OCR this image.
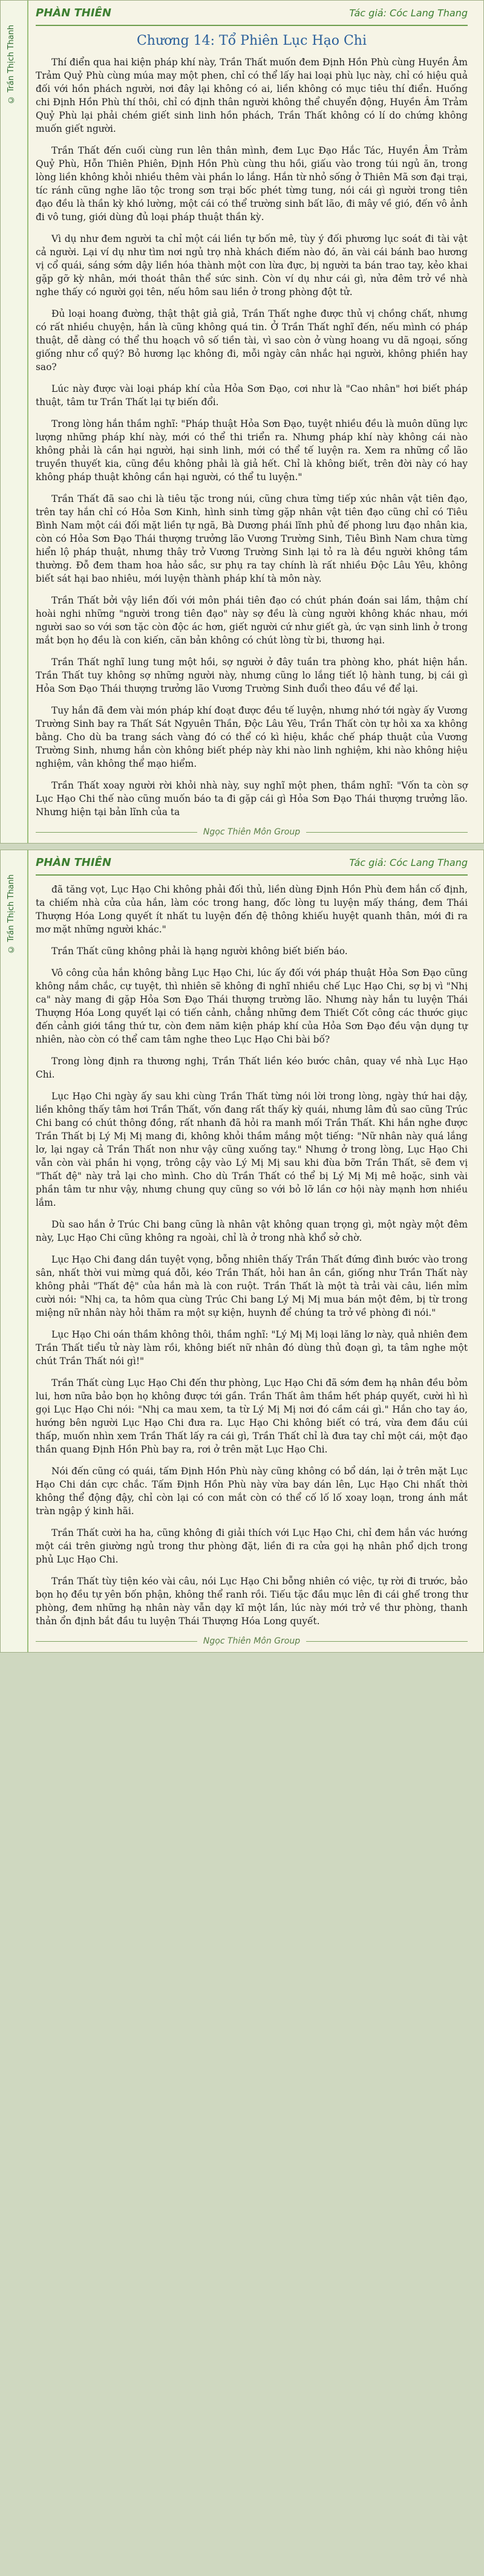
© Trần Thịch Thanh
PHÀN THIÊN	Tác giả: Cóc Lang Thang
Chương 14: Tổ Phiên Lục Hạo Chi

Thí điển qua hai kiện pháp khí này, Trần Thất muốn đem Định Hồn Phù cùng Huyền Âm Trảm Quỷ Phù cùng múa may một phen, chỉ có thể lấy hai loại phù lục này, chỉ có hiệu quả đối với hồn phách người, nơi đây lại không có ai, liền không có mục tiêu thí điển. Huống chi Định Hồn Phù thí thôi, chỉ có định thân người không thể chuyển động, Huyền Âm Trảm Quỷ Phù lại phải chém giết sinh linh hồn phách, Trần Thất không có lí do chứng không muốn giết người.

Trần Thất đến cuối cùng run lên thân mình, đem Lục Đạo Hắc Tác, Huyền Âm Trảm Quỷ Phù, Hỗn Thiên Phiên, Định Hồn Phù cùng thu hồi, giấu vào trong túi ngủ ăn, trong lòng liền không khỏi nhiều thêm vài phần lo lắng. Hắn từ nhỏ sống ở Thiên Mã sơn đại trại, tíc ránh cũng nghe lão tộc trong sơn trại bốc phét từng tung, nói cái gì người trong tiên đạo đều là thần kỳ khó lường, một cái có thể trường sinh bất lão, đi mây về gió, đến vô ảnh đi vô tung, giới dùng đủ loại pháp thuật thần kỳ.

Vì dụ như đem người ta chỉ một cái liền tự bốn mê, tùy ý đối phương lục soát đi tài vật cả người. Lại ví dụ như tìm nơi ngủ trọ nhà khách điếm nào đó, ăn vài cái bánh bao hương vị cổ quái, sáng sớm dậy liền hóa thành một con lừa đực, bị người ta bán trao tay, kẻo khai gặp gỡ kỳ nhân, mới thoát thân thể sức sinh. Còn ví dụ như cái gì, nửa đêm trở về nhà nghe thấy có người gọi tên, nếu hôm sau liền ở trong phòng đột tử.

Đủ loại hoang đường, thật thật giả giả, Trần Thất nghe được thủ vị chồng chất, nhưng có rất nhiều chuyện, hắn là cũng không quá tin. Ở Trần Thất nghĩ đến, nếu mình có pháp thuật, dễ dàng có thể thu hoạch vô số tiền tài, vì sao còn ở vùng hoang vu dã ngoại, sống giống như cổ quý? Bỏ hương lạc không đi, mỗi ngày cân nhắc hại người, không phiền hay sao?

Lúc này được vài loại pháp khí của Hỏa Sơn Đạo, cơi như là "Cao nhân" hơi biết pháp thuật, tâm tư Trần Thất lại tự biến đổi.

Trong lòng hắn thầm nghĩ: "Pháp thuật Hỏa Sơn Đạo, tuyệt nhiều đều là muôn dũng lực lượng những pháp khí này, mới có thể thi triển ra. Nhưng pháp khí này không cái nào không phải là cần hại người, hại sinh linh, mới có thể tế luyện ra. Xem ra những cổ lão truyền thuyết kia, cũng đều không phải là giả hết. Chỉ là không biết, trên đời này có hay không pháp thuật không cần hại người, có thể tu luyện."

Trần Thất đã sao chi là tiêu tặc trong núi, cũng chưa từng tiếp xúc nhân vật tiên đạo, trên tay hắn chỉ có Hỏa Sơn Kinh, hình sinh từng gặp nhân vật tiên đạo cũng chỉ có Tiêu Bình Nam một cái đối mặt liền tự ngã, Bà Dương phái lĩnh phủ đế phong lưu đạo nhân kia, còn có Hỏa Sơn Đạo Thái thượng trưởng lão Vương Trường Sinh, Tiêu Bình Nam chưa từng hiển lộ pháp thuật, nhưng thây trở Vương Trường Sinh lại tỏ ra là đều người không tầm thường. Đỗ đem tham hoa hảo sắc, sư phụ ra tay chính là rất nhiều Độc Lâu Yêu, không biết sát hại bao nhiêu, mới luyện thành pháp khí tà môn này.

Trần Thất bởi vậy liền đối với môn phái tiên đạo có chút phán đoán sai lầm, thậm chí hoài nghi những "người trong tiên đạo" này sợ đều là cùng người không khác nhau, mới người sao so với sơn tặc còn độc ác hơn, giết người cứ như giết gà, ức vạn sinh linh ở trong mắt bọn họ đều là con kiến, căn bản không có chút lòng từ bi, thương hại.

Trần Thất nghĩ lung tung một hồi, sợ người ở đây tuần tra phòng kho, phát hiện hắn. Trần Thất tuy không sợ những người này, nhưng cũng lo lắng tiết lộ hành tung, bị cái gì Hỏa Sơn Đạo Thái thượng trưởng lão Vương Trường Sinh đuổi theo đầu về để lại.

Tuy hắn đã đem vài món pháp khí đoạt được đều tế luyện, nhưng nhớ tới ngày ấy Vương Trường Sinh bay ra Thất Sát Ngyuên Thần, Độc Lâu Yêu, Trần Thất còn tự hỏi xa xa không bằng. Cho dù ba trang sách vàng đó có thể có kì hiệu, khắc chế pháp thuật của Vương Trường Sinh, nhưng hắn còn không biết phép này khi nào linh nghiệm, khi nào không hiệu nghiệm, vân không thể mạo hiểm.

Trần Thất xoay người rời khỏi nhà này, suy nghĩ một phen, thầm nghĩ: "Vốn ta còn sợ Lục Hạo Chi thế nào cũng muốn báo ta đi gặp cái gì Hỏa Sơn Đạo Thái thượng trưởng lão. Nhưng hiện tại bản lĩnh của ta

Ngọc Thiên Môn Group
© Trần Thịch Thanh
PHÀN THIÊN	Tác giả: Cóc Lang Thang

đã tăng vọt, Lục Hạo Chi không phải đối thủ, liền dùng Định Hồn Phù đem hắn cố định, ta chiếm nhà cửa của hắn, làm cóc trong hang, đốc lòng tu luyện mấy tháng, đem Thái Thượng Hóa Long quyết ít nhất tu luyện đến đệ thông khiếu huyệt quanh thân, mới đi ra mơ mặt những người khác."

Trần Thất cũng không phải là hạng người không biết biến báo.

Vô công của hắn không bằng Lục Hạo Chi, lúc ấy đối với pháp thuật Hỏa Sơn Đạo cũng không nắm chắc, cự tuyệt, thì nhiên sẽ không đi nghĩ nhiều chế Lục Hạo Chi, sợ bị vì "Nhị ca" này mang đi gặp Hỏa Sơn Đạo Thái thượng trường lão. Nhưng này hắn tu luyện Thái Thượng Hóa Long quyết lại có tiến cảnh, chẳng những đem Thiết Cốt công các thước giục đến cảnh giới tầng thứ tư, còn đem năm kiện pháp khí của Hỏa Sơn Đạo đều vận dụng tự nhiên, nào còn có thể cam tâm nghe theo Lục Hạo Chi bài bố?

Trong lòng định ra thương nghị, Trần Thất liền kéo bước chân, quay về nhà Lục Hạo Chi.

Lục Hạo Chi ngày ấy sau khi cùng Trần Thất từng nói lời trong lòng, ngày thứ hai dậy, liền không thấy tâm hơi Trần Thất, vốn đang rất thấy kỳ quái, nhưng lâm đủ sao cũng Trúc Chi bang có chút thông đồng, rất nhanh đã hỏi ra manh mối Trần Thất. Khi hắn nghe được Trần Thất bị Lý Mị Mị mang đi, không khỏi thầm mắng một tiếng: "Nữ nhân này quá lắng lơ, lại ngay cả Trần Thất non như vậy cũng xuống tay." Nhưng ở trong lòng, Lục Hạo Chi vẫn còn vài phần hi vọng, trông cậy vào Lý Mị Mị sau khi đùa bỡn Trần Thất, sẽ đem vị "Thất đệ" này trả lại cho mình. Cho dù Trần Thất có thể bị Lý Mị Mị mê hoặc, sinh vài phần tâm tư như vậy, nhưng chung quy cũng so với bỏ lỡ lần cơ hội này mạnh hơn nhiều lắm.

Dù sao hắn ở Trúc Chi bang cũng là nhân vật không quan trọng gì, một ngày một đêm này, Lục Hạo Chi cũng không ra ngoài, chỉ là ở trong nhà khổ sở chờ.

Lục Hạo Chi đang dần tuyệt vọng, bỗng nhiên thấy Trần Thất đứng đình bước vào trong sân, nhất thời vui mừng quá đỗi, kéo Trần Thất, hỏi han ân cần, giống như Trần Thất này không phải "Thất đệ" của hắn mà là con ruột. Trần Thất là một tà trải vài câu, liền mỉm cười nói: "Nhị ca, ta hôm qua cùng Trúc Chi bang Lý Mị Mị mua bán một đêm, bị từ trong miệng nữ nhân này hỏi thăm ra một sự kiện, huynh để chúng ta trở về phòng đi nói."

Lục Hạo Chi oán thầm không thôi, thầm nghĩ: "Lý Mị Mị loại lăng lơ này, quả nhiên đem Trần Thất tiểu tử này làm rồi, không biết nữ nhân đó dùng thủ đoạn gì, ta tâm nghe một chút Trần Thất nói gì!"

Trần Thất cùng Lục Hạo Chi đến thư phòng, Lục Hạo Chi đã sớm đem hạ nhân đều bỏm lui, hơn nữa bảo bọn họ không được tới gần. Trần Thất âm thầm hết pháp quyết, cười hì hì gọi Lục Hạo Chi nói: "Nhị ca mau xem, ta từ Lý Mị Mị nơi đó cầm cái gì." Hắn cho tay áo, hướng bên người Lục Hạo Chi đưa ra. Lục Hạo Chi không biết có trá, vừa đem đầu cúi thấp, muốn nhìn xem Trần Thất lấy ra cái gì, Trần Thất chỉ là đưa tay chỉ một cái, một đạo thần quang Định Hồn Phù bay ra, rơi ở trên mặt Lục Hạo Chi.

Nói đến cũng có quái, tấm Định Hồn Phù này cũng không có bổ dán, lại ở trên mặt Lục Hạo Chi dán cực chắc. Tấm Định Hồn Phù này vừa bay dán lên, Lục Hạo Chi nhất thời không thể động đậy, chỉ còn lại có con mắt còn có thể cố lố lố xoay loạn, trong ánh mắt tràn ngập ý kinh hãi.

Trần Thất cười ha ha, cũng không đi giải thích với Lục Hạo Chi, chỉ đem hắn vác hướng một cái trên giường ngủ trong thư phòng đặt, liền đi ra cửa gọi hạ nhân phổ dịch trong phủ Lục Hạo Chi.

Trần Thất tùy tiện kéo vài câu, nói Lục Hạo Chi bỗng nhiên có việc, tự rời đi trước, bảo bọn họ đều tự yên bốn phận, không thể ranh rồi. Tiếu tặc đầu mục lên đi cái ghế trong thư phòng, đem những hạ nhân này vẫn dạy kĩ một lần, lúc này mới trở về thư phòng, thanh thản ổn định bắt đầu tu luyện Thái Thượng Hóa Long quyết.

Ngọc Thiên Môn Group
